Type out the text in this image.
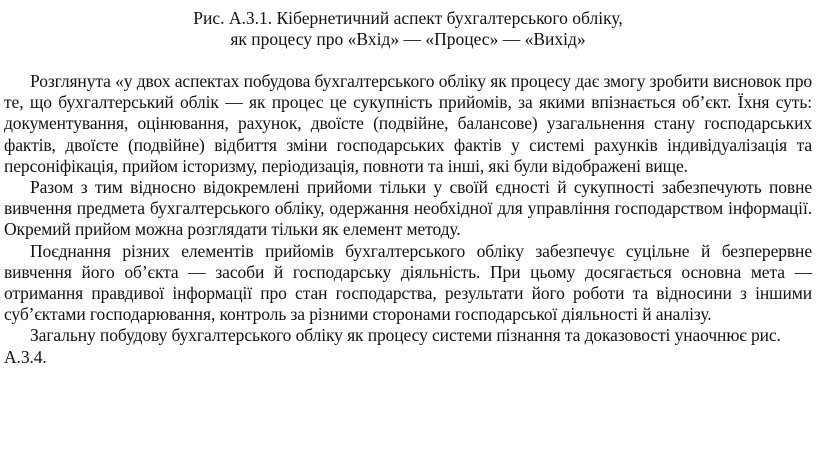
Рис. А.3.1. Кібернетичний аспект бухгалтерського обліку,
як процесу про «Вхід» — «Процес» — «Вихід»

Розглянута «у двох аспектах побудова бухгалтерського обліку як процесу дає змогу зробити висновок про те, що бухгалтерський облік — як процес це сукупність прийомів, за якими впізнається об’єкт. Їхня суть: документування, оцінювання, рахунок, двоїсте (подвійне, балансове) узагальнення стану господарських фактів, двоїсте (подвійне) відбиття зміни господарських фактів у системі рахунків індивідуалізація та персоніфікація, прийом історизму, періодизація, повноти та інші, які були відображені вище.

Разом з тим відносно відокремлені прийоми тільки у своїй єдності й сукупності забезпечують повне вивчення предмета бухгалтерського обліку, одержання необхідної для управління господарством інформації. Окремий прийом можна розглядати тільки як елемент методу.

Поєднання різних елементів прийомів бухгалтерського обліку забезпечує суцільне й безперервне вивчення його об’єкта — засоби й господарську діяльність. При цьому досягається основна мета — отримання правдивої інформації про стан господарства, результати його роботи та відносини з іншими суб’єктами господарювання, контроль за різними сторонами господарської діяльності й аналізу.

Загальну побудову бухгалтерського обліку як процесу системи пізнання та доказовості унаочнює рис. А.3.4.
